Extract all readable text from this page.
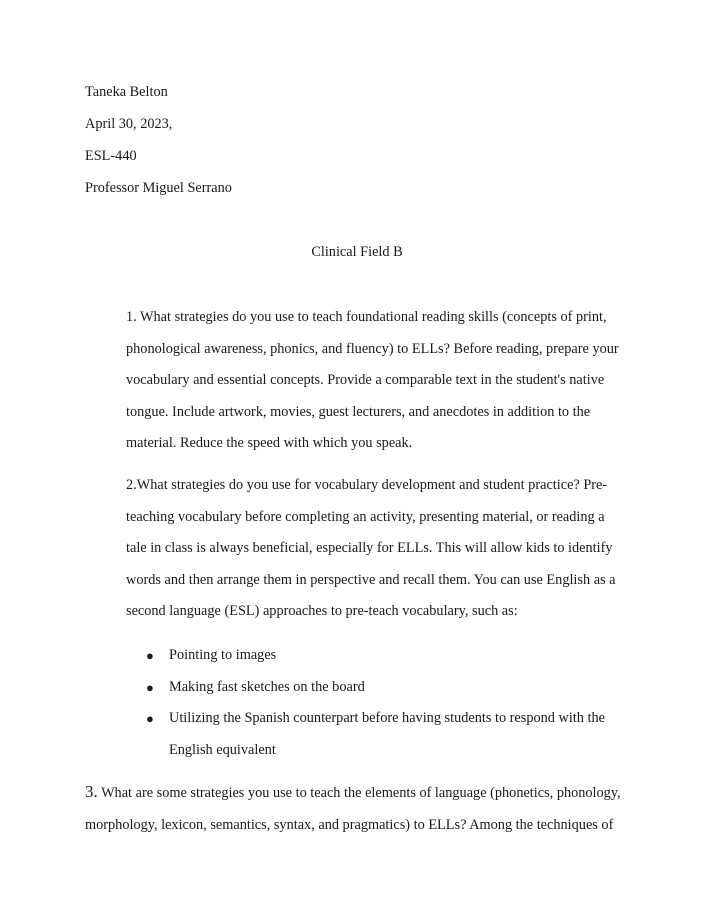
Taneka Belton
April 30, 2023,
ESL-440
Professor Miguel Serrano
Clinical Field B

1. What strategies do you use to teach foundational reading skills (concepts of print, phonological awareness, phonics, and fluency) to ELLs? Before reading, prepare your vocabulary and essential concepts. Provide a comparable text in the student's native tongue. Include artwork, movies, guest lecturers, and anecdotes in addition to the material. Reduce the speed with which you speak.

2.What strategies do you use for vocabulary development and student practice? Pre-teaching vocabulary before completing an activity, presenting material, or reading a tale in class is always beneficial, especially for ELLs. This will allow kids to identify words and then arrange them in perspective and recall them. You can use English as a second language (ESL) approaches to pre-teach vocabulary, such as:

● Pointing to images
● Making fast sketches on the board
● Utilizing the Spanish counterpart before having students to respond with the English equivalent

3. What are some strategies you use to teach the elements of language (phonetics, phonology, morphology, lexicon, semantics, syntax, and pragmatics) to ELLs? Among the techniques of
